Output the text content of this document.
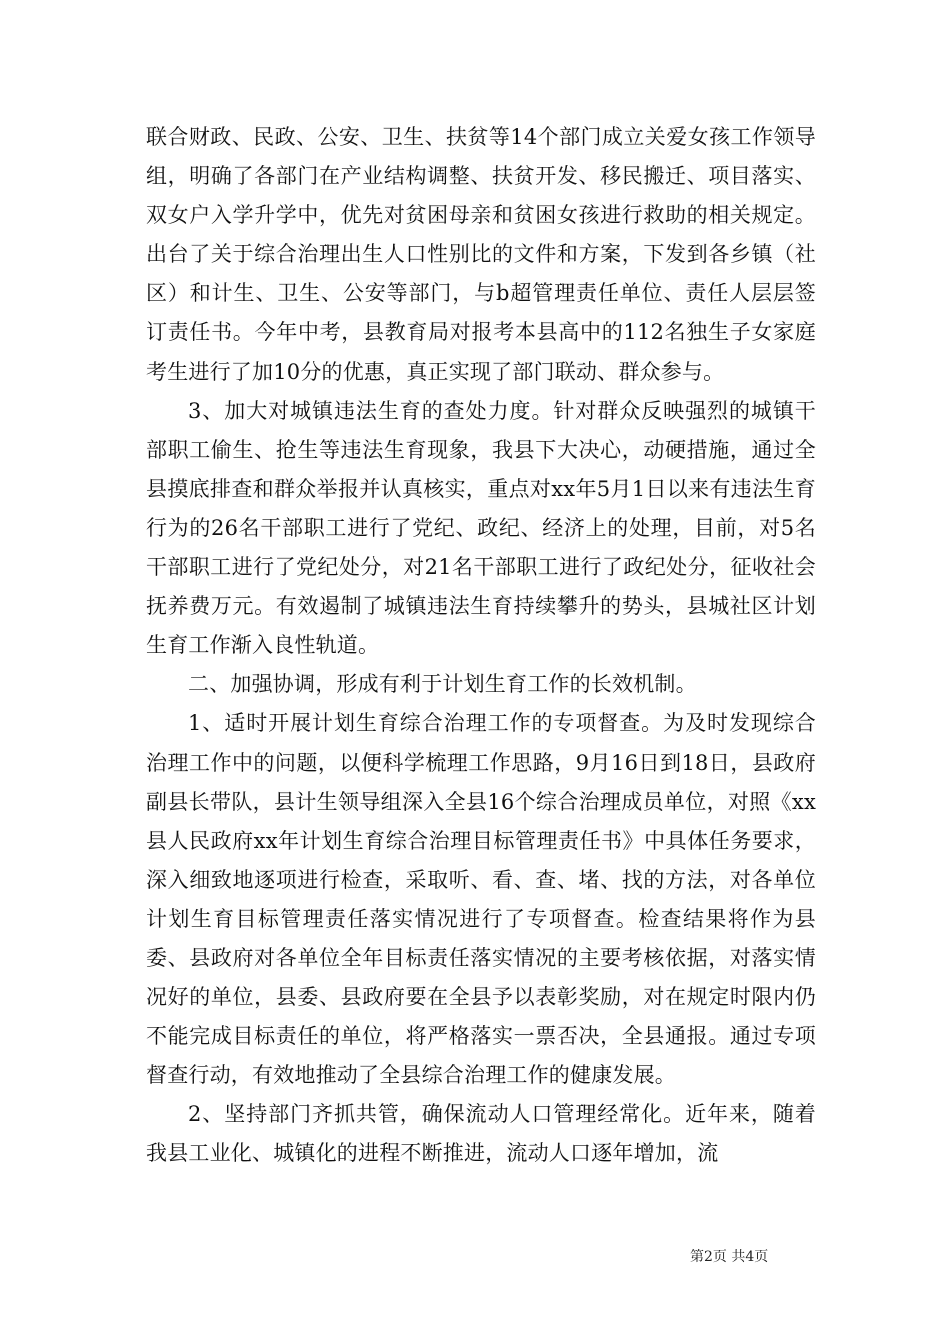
联合财政、民政、公安、卫生、扶贫等14个部门成立关爱女孩工作领导组，明确了各部门在产业结构调整、扶贫开发、移民搬迁、项目落实、双女户入学升学中，优先对贫困母亲和贫困女孩进行救助的相关规定。出台了关于综合治理出生人口性别比的文件和方案，下发到各乡镇（社区）和计生、卫生、公安等部门，与b超管理责任单位、责任人层层签订责任书。今年中考，县教育局对报考本县高中的112名独生子女家庭考生进行了加10分的优惠，真正实现了部门联动、群众参与。

3、加大对城镇违法生育的查处力度。针对群众反映强烈的城镇干部职工偷生、抢生等违法生育现象，我县下大决心，动硬措施，通过全县摸底排查和群众举报并认真核实，重点对xx年5月1日以来有违法生育行为的26名干部职工进行了党纪、政纪、经济上的处理，目前，对5名干部职工进行了党纪处分，对21名干部职工进行了政纪处分，征收社会抚养费万元。有效遏制了城镇违法生育持续攀升的势头，县城社区计划生育工作渐入良性轨道。

二、加强协调，形成有利于计划生育工作的长效机制。

1、适时开展计划生育综合治理工作的专项督查。为及时发现综合治理工作中的问题，以便科学梳理工作思路，9月16日到18日，县政府副县长带队，县计生领导组深入全县16个综合治理成员单位，对照《xx县人民政府xx年计划生育综合治理目标管理责任书》中具体任务要求，深入细致地逐项进行检查，采取听、看、查、堵、找的方法，对各单位计划生育目标管理责任落实情况进行了专项督查。检查结果将作为县委、县政府对各单位全年目标责任落实情况的主要考核依据，对落实情况好的单位，县委、县政府要在全县予以表彰奖励，对在规定时限内仍不能完成目标责任的单位，将严格落实一票否决，全县通报。通过专项督查行动，有效地推动了全县综合治理工作的健康发展。

2、坚持部门齐抓共管，确保流动人口管理经常化。近年来，随着我县工业化、城镇化的进程不断推进，流动人口逐年增加，流

第2页 共4页
